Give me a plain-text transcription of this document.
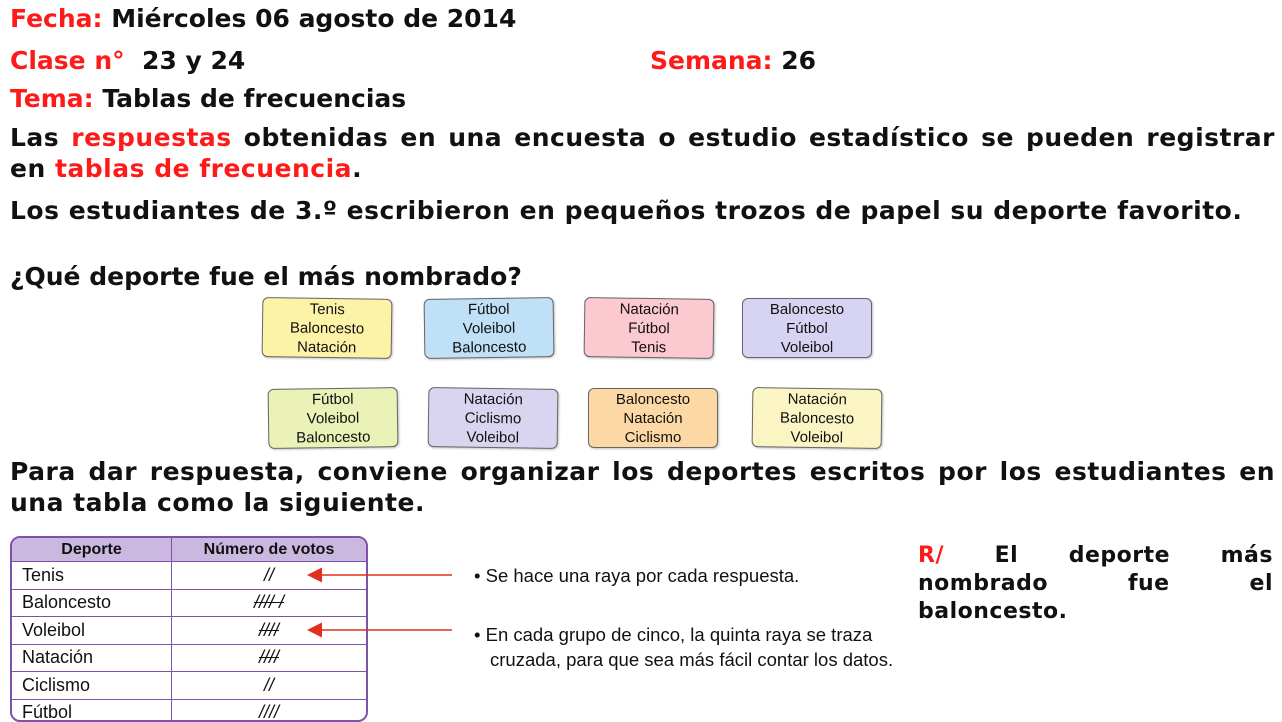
Fecha: Miércoles 06 agosto de 2014
Clase n° 23 y 24	Semana: 26
Tema: Tablas de frecuencias
Las respuestas obtenidas en una encuesta o estudio estadístico se pueden registrar en tablas de frecuencia.
Los estudiantes de 3.º escribieron en pequeños trozos de papel su deporte favorito.
¿Qué deporte fue el más nombrado?
Tenis
Baloncesto
Natación
Fútbol
Voleibol
Baloncesto
Natación
Fútbol
Tenis
Baloncesto
Fútbol
Voleibol
Fútbol
Voleibol
Baloncesto
Natación
Ciclismo
Voleibol
Baloncesto
Natación
Ciclismo
Natación
Baloncesto
Voleibol
Para dar respuesta, conviene organizar los deportes escritos por los estudiantes en una tabla como la siguiente.
Deporte	Número de votos
Tenis	//
Baloncesto	//// /
Voleibol	////
Natación	////
Ciclismo	//
Fútbol	////
• Se hace una raya por cada respuesta.
• En cada grupo de cinco, la quinta raya se traza cruzada, para que sea más fácil contar los datos.
R/ El deporte más nombrado fue el baloncesto.
